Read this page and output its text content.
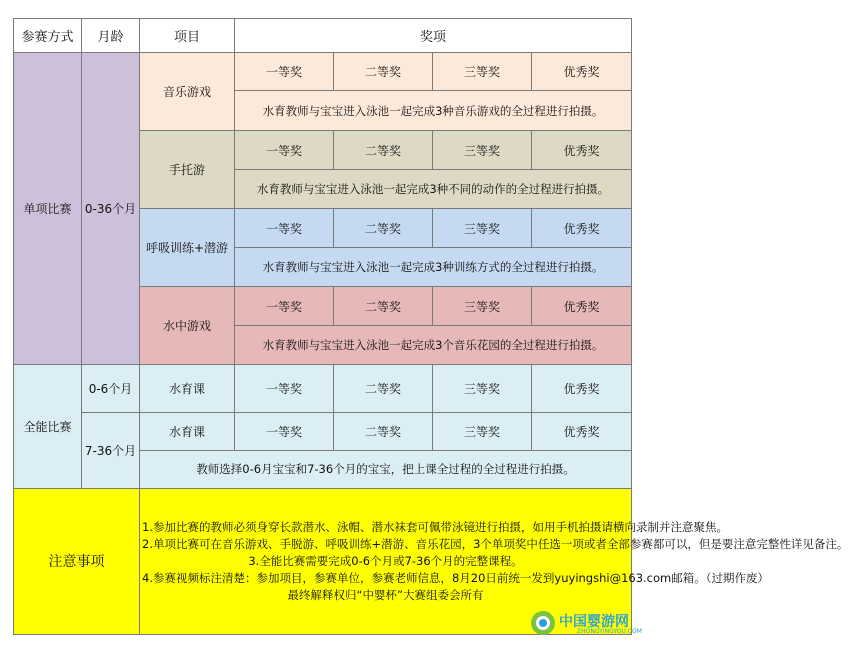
参赛方式	月龄	项目	奖项			
单项比赛	0-36个月	音乐游戏	一等奖	二等奖	三等奖	优秀奖
			水育教师与宝宝进入泳池一起完成3种音乐游戏的全过程进行拍摄。			
		手托游	一等奖	二等奖	三等奖	优秀奖
			水育教师与宝宝进入泳池一起完成3种不同的动作的全过程进行拍摄。			
		呼吸训练+潜游	一等奖	二等奖	三等奖	优秀奖
			水育教师与宝宝进入泳池一起完成3种训练方式的全过程进行拍摄。			
		水中游戏	一等奖	二等奖	三等奖	优秀奖
			水育教师与宝宝进入泳池一起完成3个音乐花园的全过程进行拍摄。			
全能比赛	0-6个月	水育课	一等奖	二等奖	三等奖	优秀奖
	7-36个月	水育课	一等奖	二等奖	三等奖	优秀奖
		教师选择0-6月宝宝和7-36个月的宝宝，把上课全过程的全过程进行拍摄。				
注意事项		1.参加比赛的教师必须身穿长款潜水、泳帽、潜水袜套可佩带泳镜进行拍摄，如用手机拍摄请横向录制并注意聚焦。
2.单项比赛可在音乐游戏、手脱游、呼吸训练+潜游、音乐花园，3个单项奖中任选一项或者全部参赛都可以，但是要注意完整性详见备注。
3.全能比赛需要完成0-6个月或7-36个月的完整课程。
4.参赛视频标注清楚：参加项目，参赛单位，参赛老师信息，8月20日前统一发到yuyingshi@163.com邮箱。（过期作废）
最终解释权归“中婴杯”大赛组委会所有				
中国婴游网
ZHONGYINGYOU.COM
